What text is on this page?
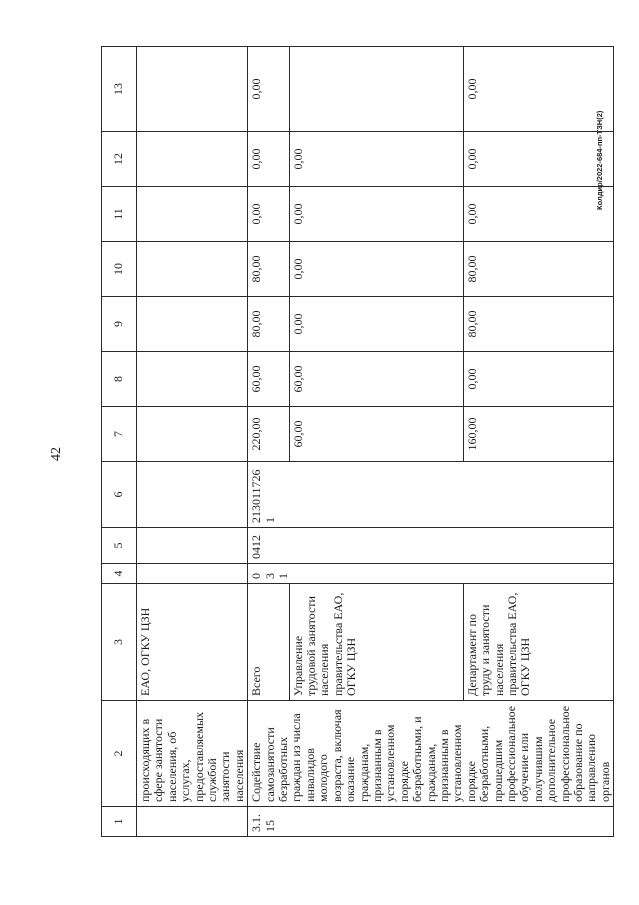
42
Колдир/2022-684-пп-ТЗН(2)
1	2	3	4	5	6	7	8	9	10	11	12	13
	происходящих в сфере занятости населения, об услугах, предоставляемых службой занятости населения	ЕАО, ОГКУ ЦЗН										
3.1.15	Содействие самозанятости безработных граждан из числа инвалидов молодого возраста, включая оказание гражданам, признанным в установленном порядке безработными, и гражданам, признанным в установленном порядке безработными, прошедшим профессиональное обучение или получившим дополнительное профессиональное образование по направлению органов	Всего	031	0412	2130117261	220,00	60,00	80,00	80,00	0,00	0,00	0,00
		Управление трудовой занятости населения правительства ЕАО, ОГКУ ЦЗН				60,00	60,00	0,00	0,00	0,00	0,00	
		Департамент по труду и занятости населения правительства ЕАО, ОГКУ ЦЗН				160,00	0,00	80,00	80,00	0,00	0,00	0,00
